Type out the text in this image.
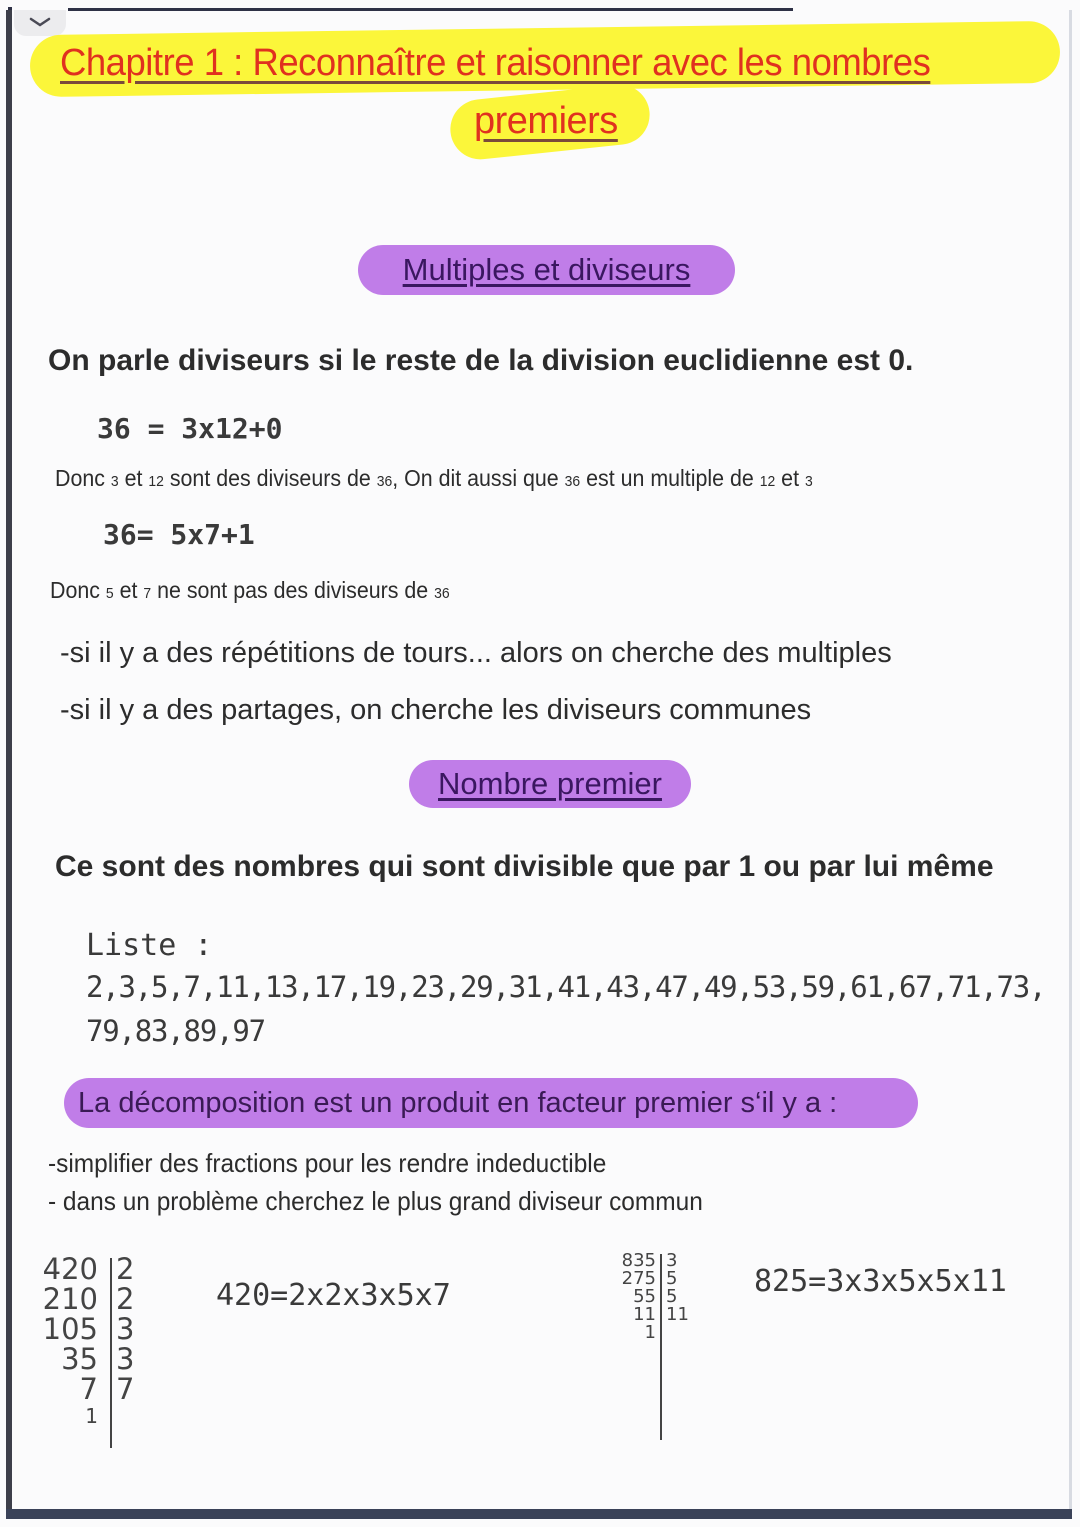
Chapitre 1 : Reconnaître et raisonner avec les nombres
premiers
Multiples et diviseurs
On parle diviseurs si le reste de la division euclidienne est 0.
36 = 3x12+0
Donc 3 et 12 sont des diviseurs de 36, On dit aussi que 36 est un multiple de 12 et 3
36= 5x7+1
Donc 5 et 7 ne sont pas des diviseurs de 36
-si il y a des répétitions de tours... alors on cherche des multiples
-si il y a des partages, on cherche les diviseurs communes
Nombre premier
Ce sont des nombres qui sont divisible que par 1 ou par lui même
Liste :
2,3,5,7,11,13,17,19,23,29,31,41,43,47,49,53,59,61,67,71,73,
79,83,89,97
La décomposition est un produit en facteur premier s‘il y a :
-simplifier des fractions pour les rendre indeductible
- dans un problème cherchez le plus grand diviseur commun
420
210
105
35
7
1
2
2
3
3
7
420=2x2x3x5x7
835
275
55
11
1
3
5
5
11
825=3x3x5x5x11
